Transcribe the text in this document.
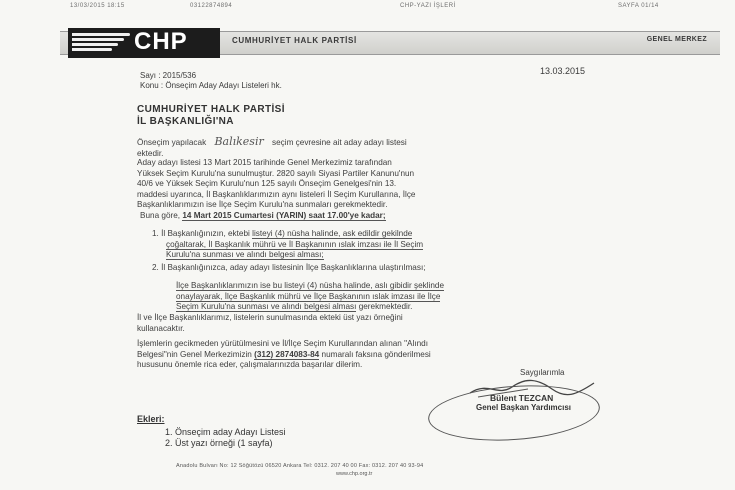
13/03/2015 18:15	03122874894	CHP-YAZI İŞLERİ	SAYFA 01/14
CHP	CUMHURİYET HALK PARTİSİ	GENEL MERKEZ
Sayı : 2015/536
Konu : Önseçim Aday Adayı Listeleri hk.
13.03.2015
CUMHURİYET HALK PARTİSİ
İL BAŞKANLIĞI'NA

Önseçim yapılacak Balıkesir seçim çevresine ait aday adayı listesi

ektedir.

Aday adayı listesi 13 Mart 2015 tarihinde Genel Merkezimiz tarafından

Yüksek Seçim Kurulu'na sunulmuştur. 2820 sayılı Siyasi Partiler Kanunu'nun

40/6 ve Yüksek Seçim Kurulu'nun 125 sayılı Önseçim Genelgesi'nin 13.

maddesi uyarınca, İl Başkanlıklarımızın aynı listeleri İl Seçim Kurullarına, İlçe

Başkanlıklarımızın ise İlçe Seçim Kurulu'na sunmaları gerekmektedir.

Buna göre, 14 Mart 2015 Cumartesi (YARIN) saat 17.00'ye kadar;

1. İl Başkanlığınızın, ektebi listeyi (4) nüsha halinde, ask edildir gekilnde

çoğaltarak, İl Başkanlık mührü ve İl Başkanının ıslak imzası ile İl Seçim

Kurulu'na sunması ve alındı belgesi alması;

2. İl Başkanlığınızca, aday adayı listesinin İlçe Başkanlıklarına ulaştırılması;

İlçe Başkanlıklarımızın ise bu listeyi (4) nüsha halinde, aslı gibidir şeklinde

onaylayarak, İlçe Başkanlık mührü ve İlçe Başkanının ıslak imzası ile İlçe

Seçim Kurulu'na sunması ve alındı belgesi alması gerekmektedir.

İl ve İlçe Başkanlıklarımız, listelerin sunulmasında ekteki üst yazı örneğini

kullanacaktır.

İşlemlerin gecikmeden yürütülmesini ve İl/İlçe Seçim Kurullarından alınan "Alındı

Belgesi"nin Genel Merkezimizin (312) 2874083-84 numaralı faksına gönderilmesi

hususunu önemle rica eder, çalışmalarınızda başarılar dilerim.

Saygılarımla
Bülent TEZCAN
Genel Başkan Yardımcısı
Ekleri:
1. Önseçim aday Adayı Listesi
2. Üst yazı örneği (1 sayfa)
Anadolu Bulvarı No: 12 Söğütözü 06520 Ankara Tel: 0312. 207 40 00 Fax: 0312. 207 40 93-94
www.chp.org.tr
